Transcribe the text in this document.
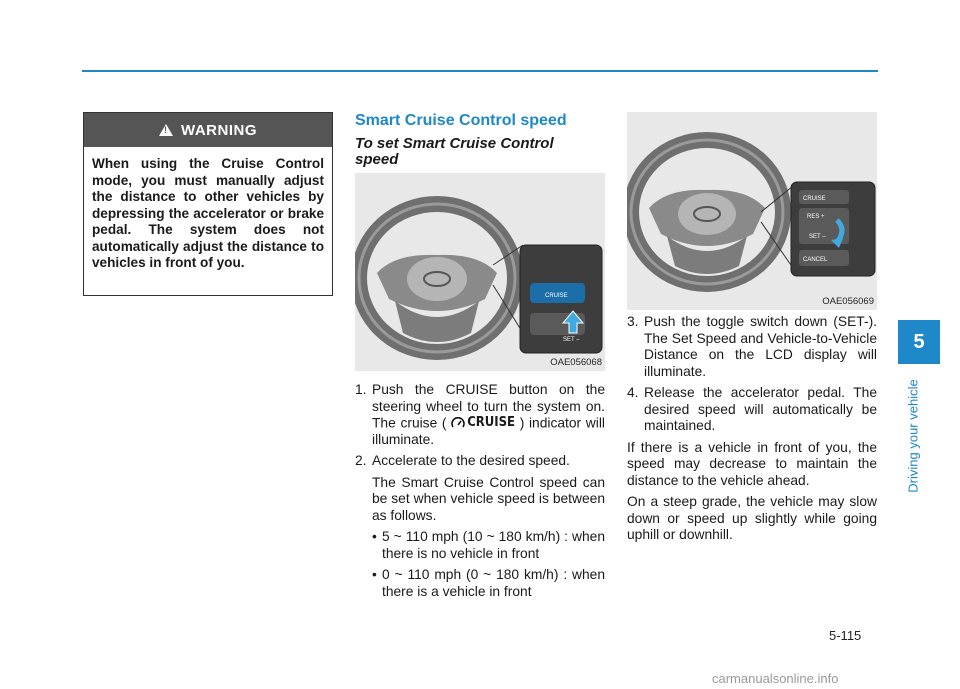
!
WARNING
When using the Cruise Control mode, you must manually adjust the distance to other vehicles by depressing the accelerator or brake pedal. The system does not automatically adjust the distance to vehicles in front of you.
Smart Cruise Control speed
To set Smart Cruise Control speed
CRUISE
SET –
OAE056068
1. Push the CRUISE button on the steering wheel to turn the system on. The cruise ( CRUISE ) indicator will illuminate.
2. Accelerate to the desired speed.
The Smart Cruise Control speed can be set when vehicle speed is between as follows.
• 5 ~ 110 mph (10 ~ 180 km/h) : when there is no vehicle in front
• 0 ~ 110 mph (0 ~ 180 km/h) : when there is a vehicle in front
CRUISE
RES +
SET –
CANCEL
OAE056069
3. Push the toggle switch down (SET-). The Set Speed and Vehicle-to-Vehicle Distance on the LCD display will illuminate.
4. Release the accelerator pedal. The desired speed will automatically be maintained.
If there is a vehicle in front of you, the speed may decrease to maintain the distance to the vehicle ahead.
On a steep grade, the vehicle may slow down or speed up slightly while going uphill or downhill.
5
Driving your vehicle
5-115
carmanualsonline.info
